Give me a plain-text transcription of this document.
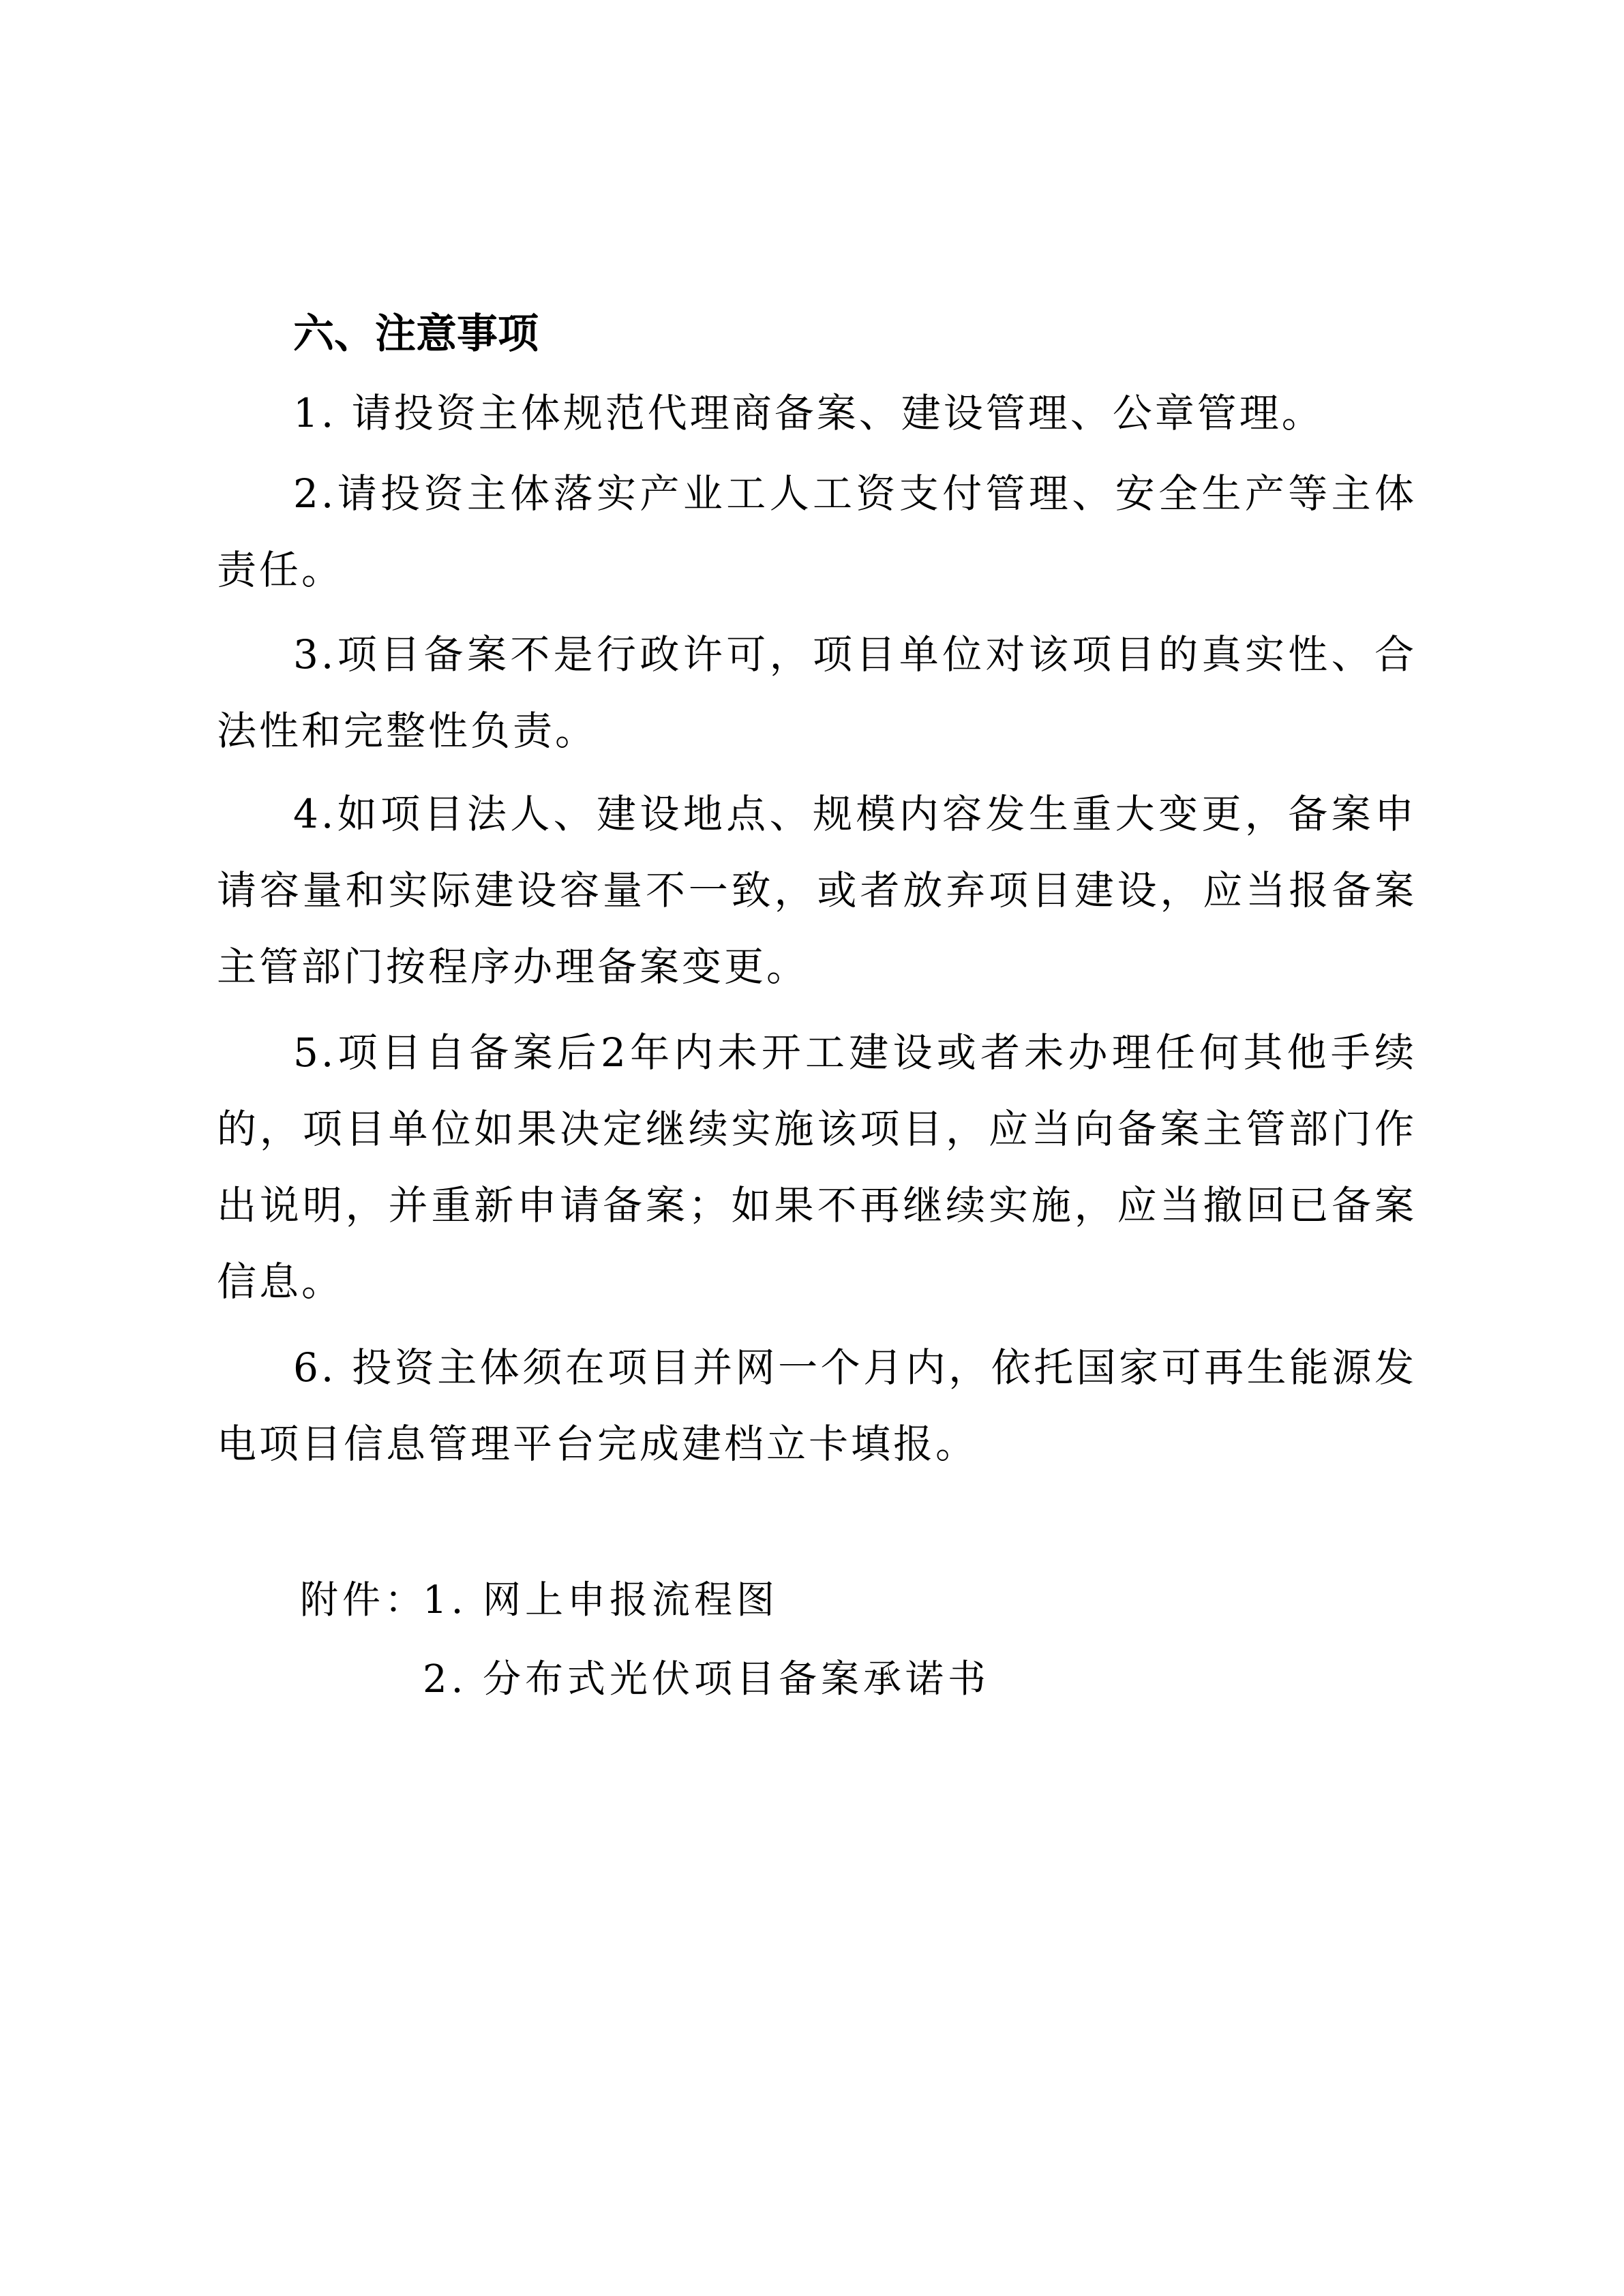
六、注意事项

1. 请投资主体规范代理商备案、建设管理、公章管理。

2.请投资主体落实产业工人工资支付管理、安全生产等主体责任。

3.项目备案不是行政许可，项目单位对该项目的真实性、合法性和完整性负责。

4.如项目法人、建设地点、规模内容发生重大变更，备案申请容量和实际建设容量不一致，或者放弃项目建设，应当报备案主管部门按程序办理备案变更。

5.项目自备案后2年内未开工建设或者未办理任何其他手续的，项目单位如果决定继续实施该项目，应当向备案主管部门作出说明，并重新申请备案；如果不再继续实施，应当撤回已备案信息。

6. 投资主体须在项目并网一个月内，依托国家可再生能源发电项目信息管理平台完成建档立卡填报。

附件：
1. 网上申报流程图
2. 分布式光伏项目备案承诺书
